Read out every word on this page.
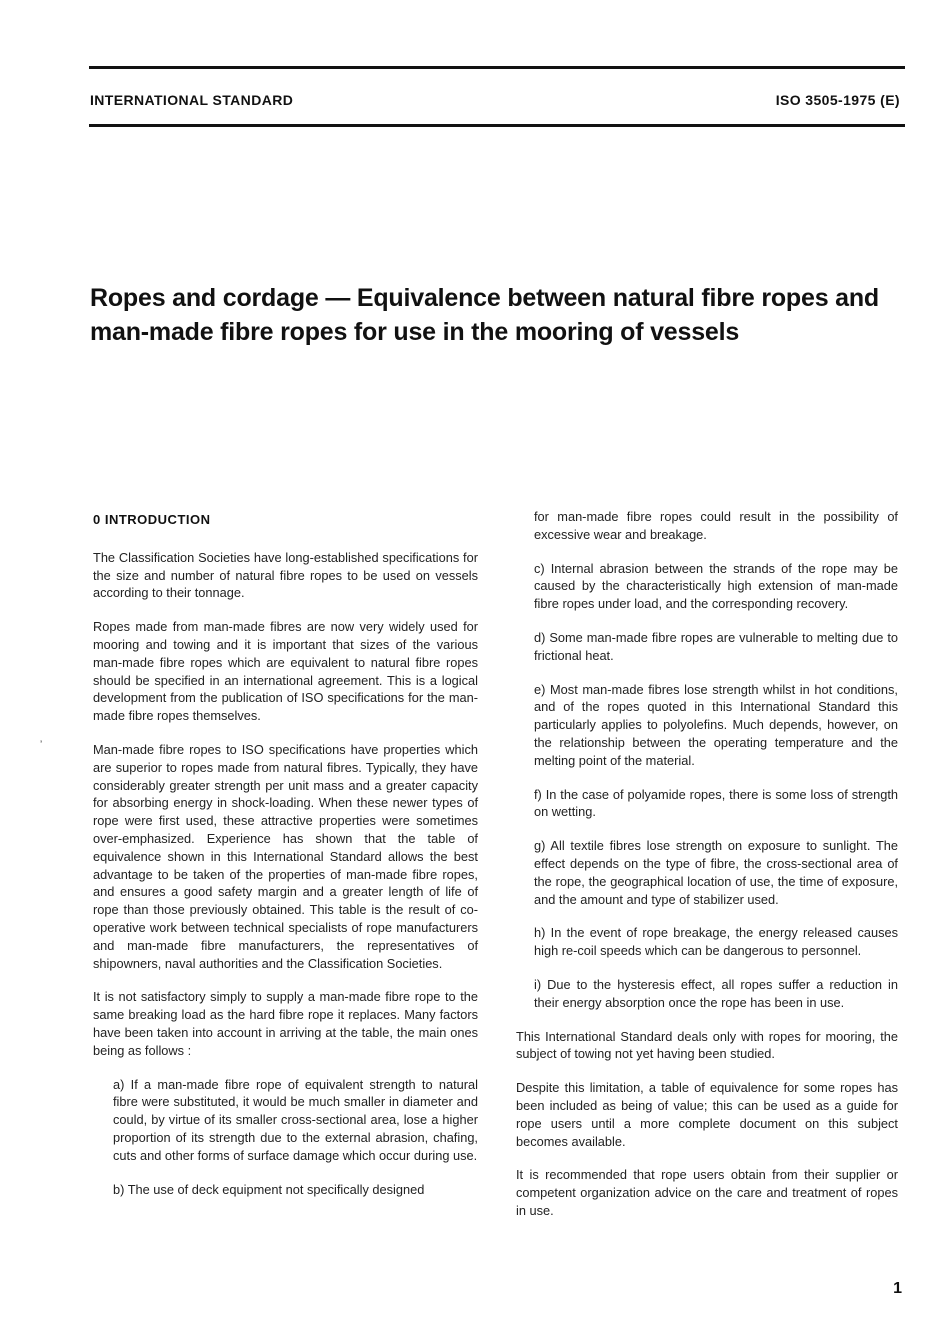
INTERNATIONAL STANDARD	ISO 3505-1975 (E)
Ropes and cordage — Equivalence between natural fibre ropes and man-made fibre ropes for use in the mooring of vessels
ʼ
0 INTRODUCTION

The Classification Societies have long-established specifications for the size and number of natural fibre ropes to be used on vessels according to their tonnage.

Ropes made from man-made fibres are now very widely used for mooring and towing and it is important that sizes of the various man-made fibre ropes which are equivalent to natural fibre ropes should be specified in an international agreement. This is a logical development from the publication of ISO specifications for the man-made fibre ropes themselves.

Man-made fibre ropes to ISO specifications have properties which are superior to ropes made from natural fibres. Typically, they have considerably greater strength per unit mass and a greater capacity for absorbing energy in shock-loading. When these newer types of rope were first used, these attractive properties were sometimes over-emphasized. Experience has shown that the table of equivalence shown in this International Standard allows the best advantage to be taken of the properties of man-made fibre ropes, and ensures a good safety margin and a greater length of life of rope than those previously obtained. This table is the result of co-operative work between technical specialists of rope manufacturers and man-made fibre manufacturers, the representatives of shipowners, naval authorities and the Classification Societies.

It is not satisfactory simply to supply a man-made fibre rope to the same breaking load as the hard fibre rope it replaces. Many factors have been taken into account in arriving at the table, the main ones being as follows :

a) If a man-made fibre rope of equivalent strength to natural fibre were substituted, it would be much smaller in diameter and could, by virtue of its smaller cross-sectional area, lose a higher proportion of its strength due to the external abrasion, chafing, cuts and other forms of surface damage which occur during use.

b) The use of deck equipment not specifically designed

for man-made fibre ropes could result in the possibility of excessive wear and breakage.

c) Internal abrasion between the strands of the rope may be caused by the characteristically high extension of man-made fibre ropes under load, and the corresponding recovery.

d) Some man-made fibre ropes are vulnerable to melting due to frictional heat.

e) Most man-made fibres lose strength whilst in hot conditions, and of the ropes quoted in this International Standard this particularly applies to polyolefins. Much depends, however, on the relationship between the operating temperature and the melting point of the material.

f) In the case of polyamide ropes, there is some loss of strength on wetting.

g) All textile fibres lose strength on exposure to sunlight. The effect depends on the type of fibre, the cross-sectional area of the rope, the geographical location of use, the time of exposure, and the amount and type of stabilizer used.

h) In the event of rope breakage, the energy released causes high re-coil speeds which can be dangerous to personnel.

i) Due to the hysteresis effect, all ropes suffer a reduction in their energy absorption once the rope has been in use.

This International Standard deals only with ropes for mooring, the subject of towing not yet having been studied.

Despite this limitation, a table of equivalence for some ropes has been included as being of value; this can be used as a guide for rope users until a more complete document on this subject becomes available.

It is recommended that rope users obtain from their supplier or competent organization advice on the care and treatment of ropes in use.

1
